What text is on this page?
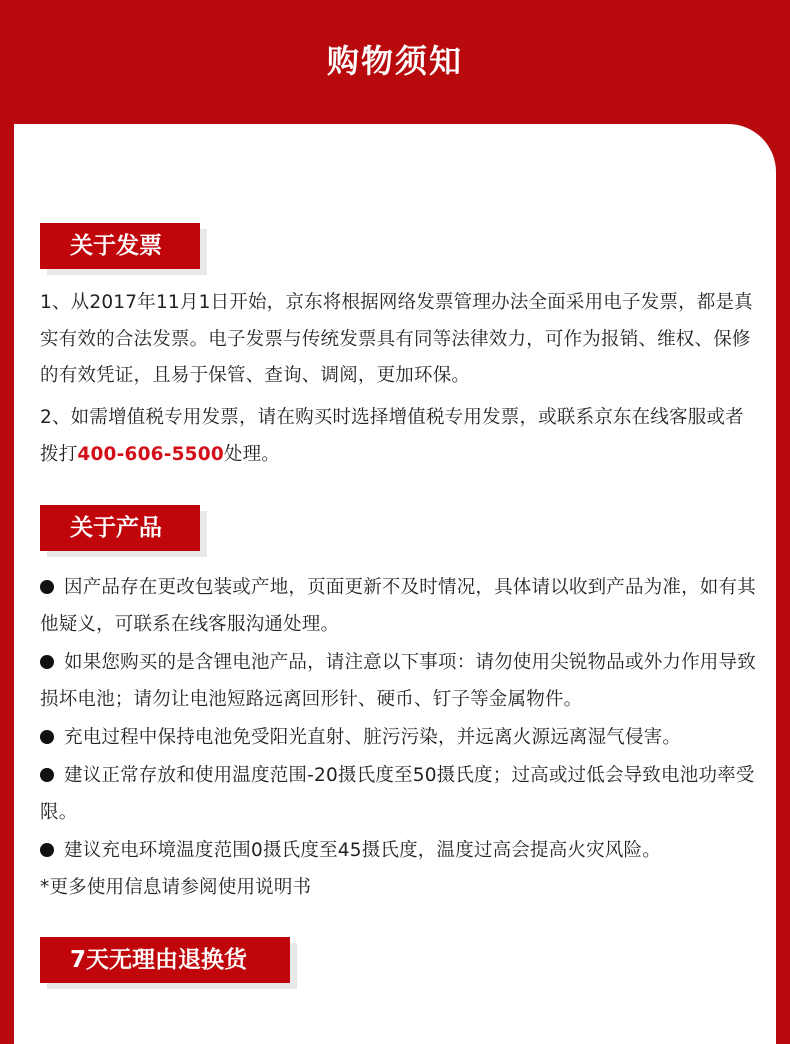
购物须知
关于发票
1、从2017年11月1日开始，京东将根据网络发票管理办法全面采用电子发票，都是真实有效的合法发票。电子发票与传统发票具有同等法律效力，可作为报销、维权、保修的有效凭证，且易于保管、查询、调阅，更加环保。
2、如需增值税专用发票，请在购买时选择增值税专用发票，或联系京东在线客服或者拨打400-606-5500处理。
关于产品
因产品存在更改包装或产地，页面更新不及时情况，具体请以收到产品为准，如有其他疑义，可联系在线客服沟通处理。
如果您购买的是含锂电池产品，请注意以下事项：请勿使用尖锐物品或外力作用导致损坏电池；请勿让电池短路远离回形针、硬币、钉子等金属物件。
充电过程中保持电池免受阳光直射、脏污污染，并远离火源远离湿气侵害。
建议正常存放和使用温度范围-20摄氏度至50摄氏度；过高或过低会导致电池功率受限。
建议充电环境温度范围0摄氏度至45摄氏度，温度过高会提高火灾风险。
*更多使用信息请参阅使用说明书
7天无理由退换货
